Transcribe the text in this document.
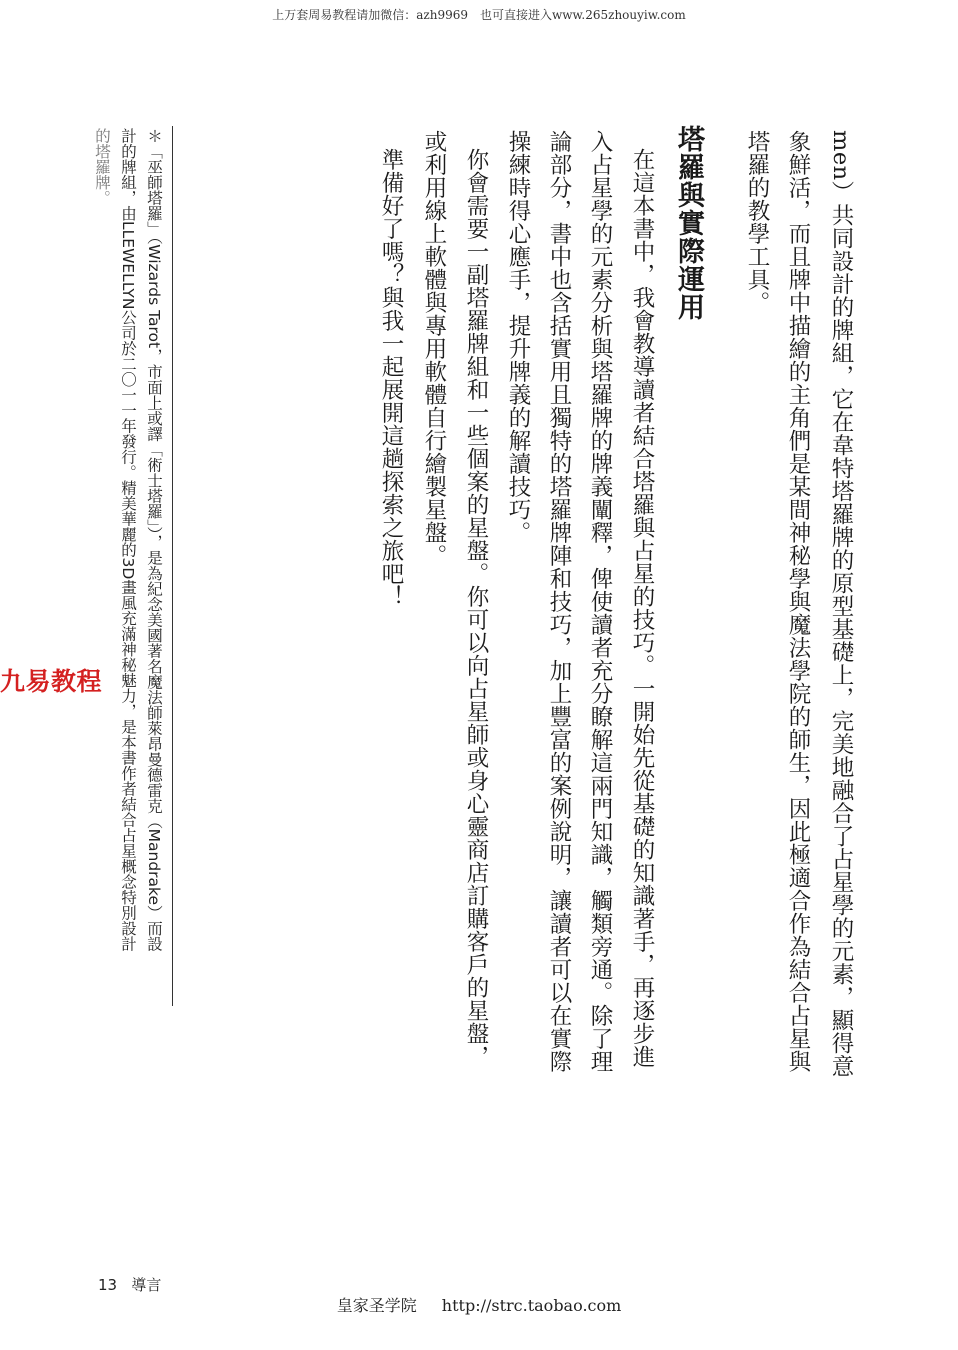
上万套周易教程请加微信：azh9969　也可直接进入www.265zhouyiw.com
men）共同設計的牌組，它在韋特塔羅牌的原型基礎上，完美地融合了占星學的元素，顯得意
象鮮活，而且牌中描繪的主角們是某間神秘學與魔法學院的師生，因此極適合作為結合占星與
塔羅的教學工具。
塔羅與實際運用
在這本書中，我會教導讀者結合塔羅與占星的技巧。一開始先從基礎的知識著手，再逐步進
入占星學的元素分析與塔羅牌的牌義闡釋，俾使讀者充分瞭解這兩門知識，觸類旁通。除了理
論部分，書中也含括實用且獨特的塔羅牌陣和技巧，加上豐富的案例說明，讓讀者可以在實際
操練時得心應手，提升牌義的解讀技巧。
你會需要一副塔羅牌組和一些個案的星盤。你可以向占星師或身心靈商店訂購客戶的星盤，
或利用線上軟體與專用軟體自行繪製星盤。
準備好了嗎？與我一起展開這趟探索之旅吧！
＊「巫師塔羅」（Wizards Tarot，市面上或譯「術士塔羅」），是為紀念美國著名魔法師萊昂曼德雷克（Mandrake）而設
計的牌組，由LLEWELLYN公司於二〇一一年發行。精美華麗的3D畫風充滿神秘魅力，是本書作者結合占星概念特別設計
的塔羅牌。
九易教程
13 導言
皇家圣学院 http://strc.taobao.com
